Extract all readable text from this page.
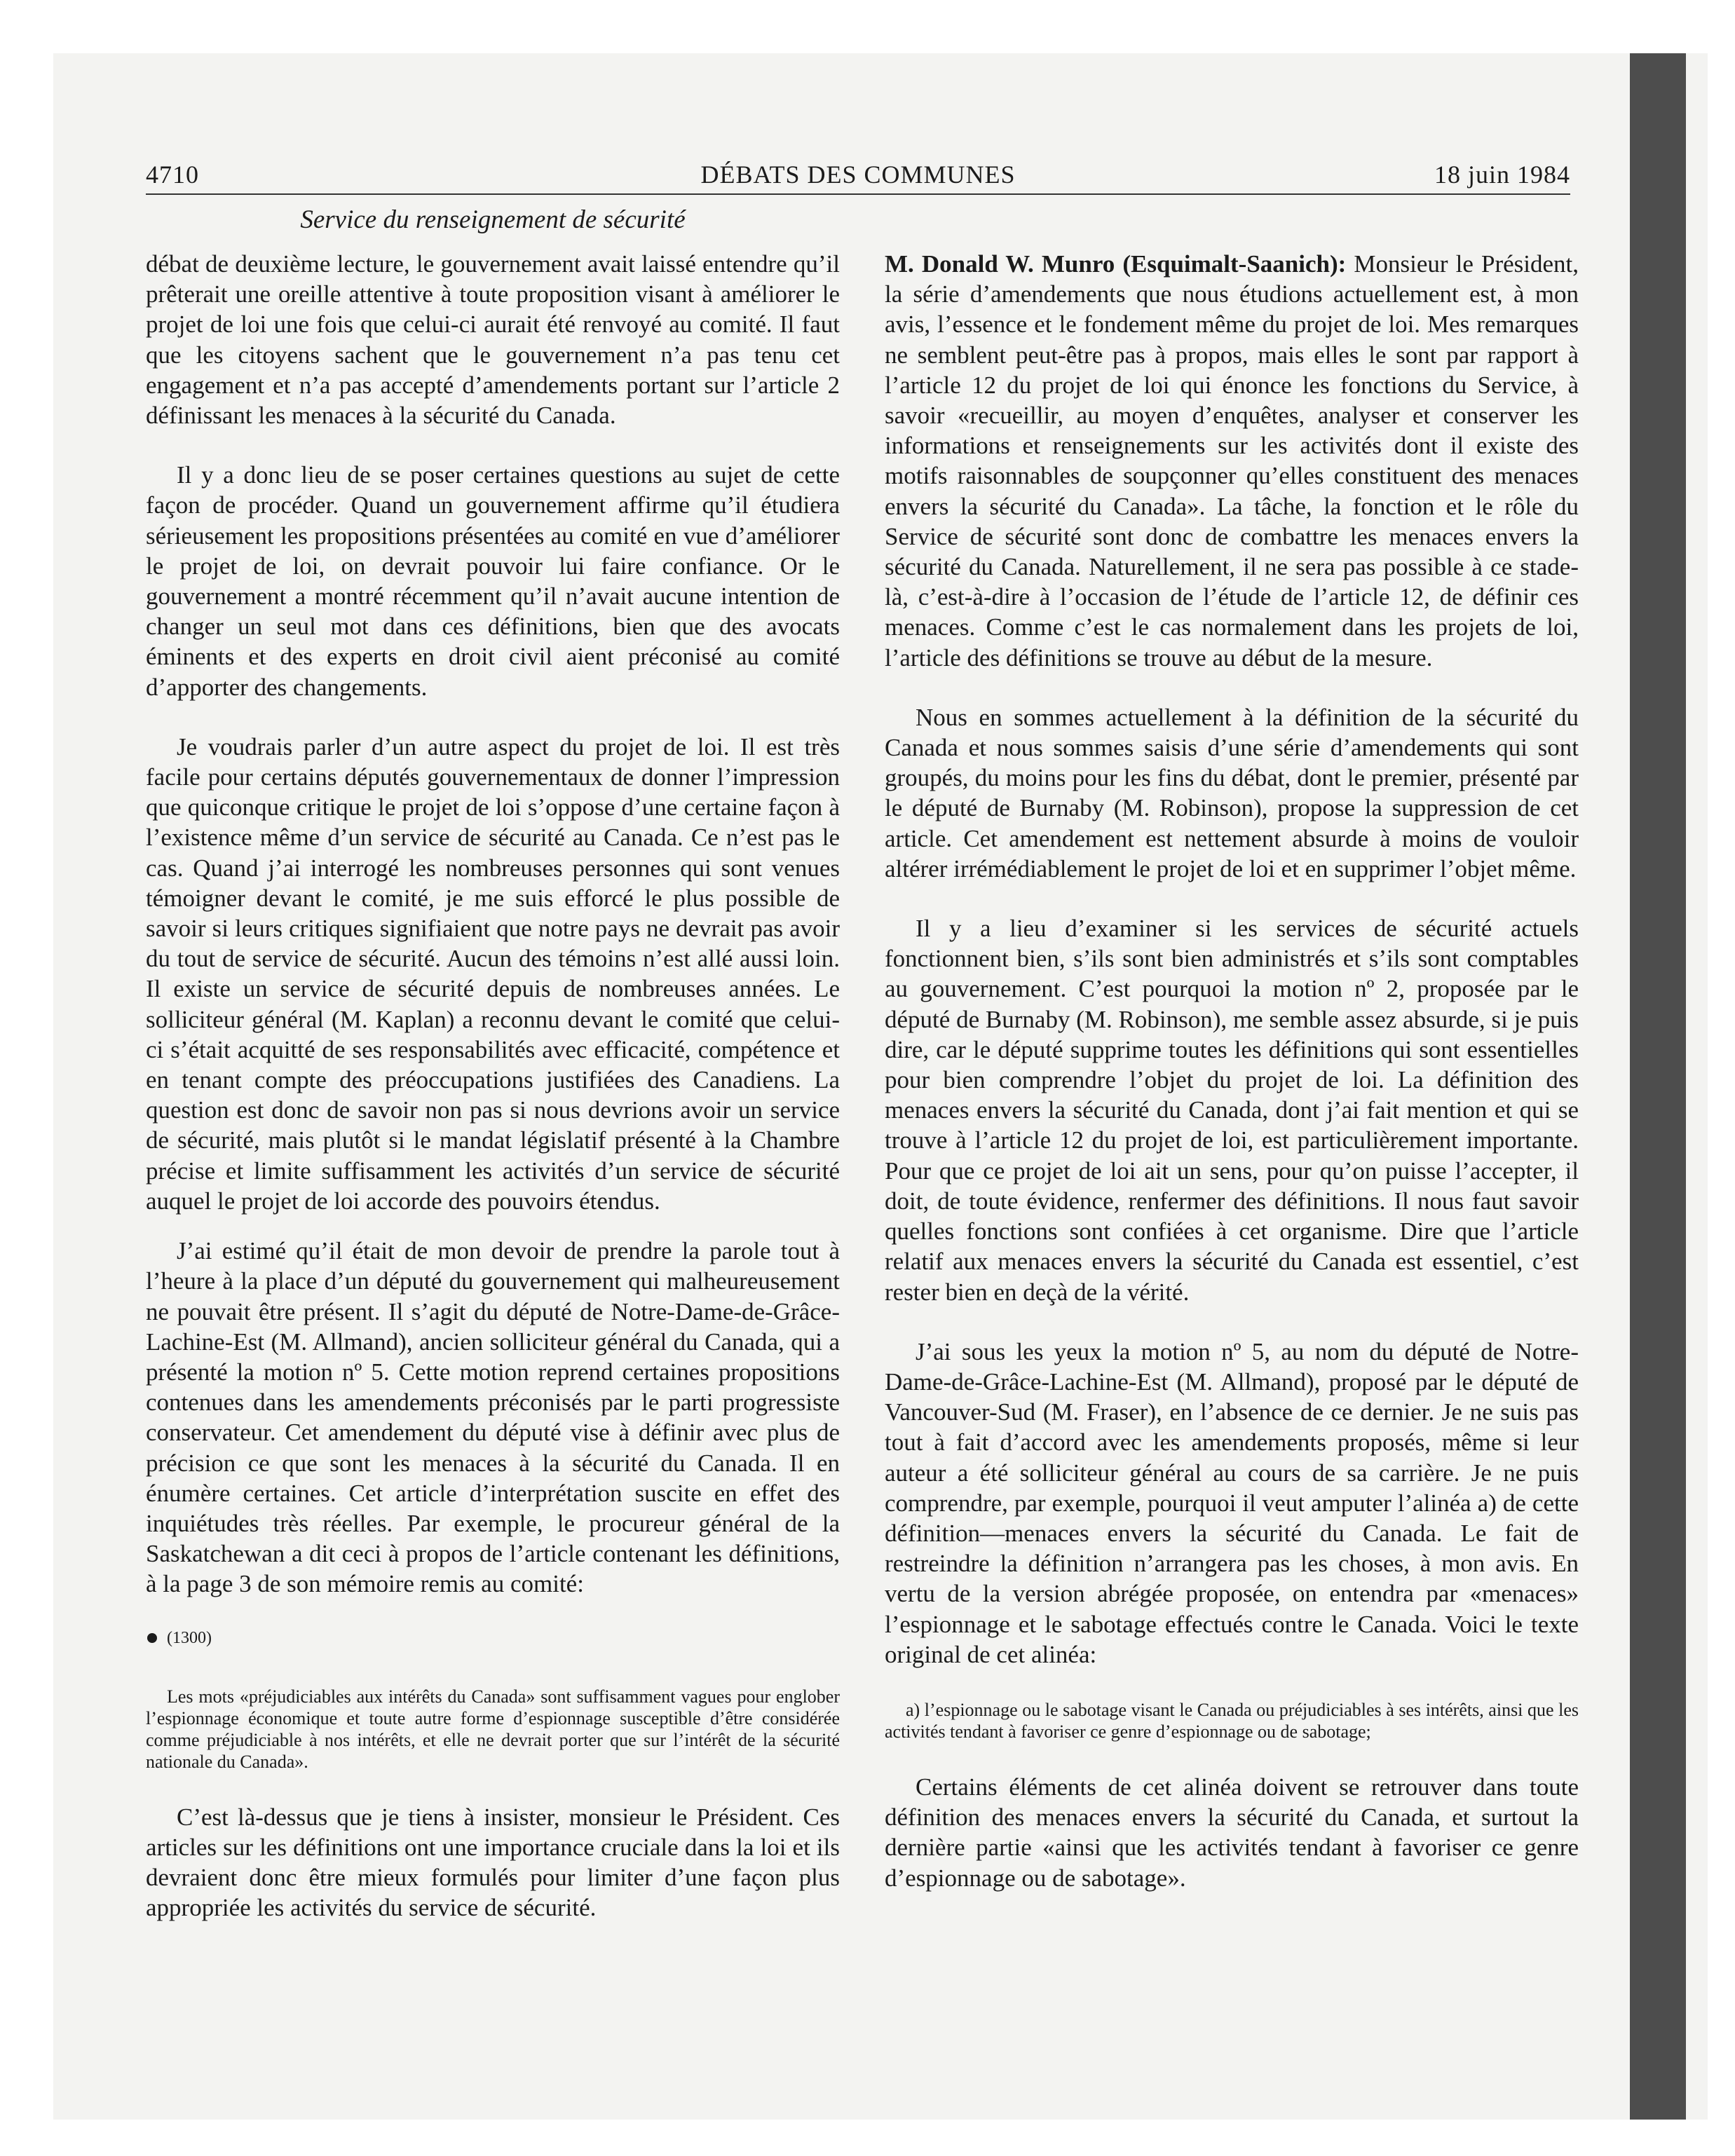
4710	DÉBATS DES COMMUNES	18 juin 1984
Service du renseignement de sécurité

débat de deuxième lecture, le gouvernement avait laissé entendre qu’il prêterait une oreille attentive à toute proposition visant à améliorer le projet de loi une fois que celui-ci aurait été renvoyé au comité. Il faut que les citoyens sachent que le gouvernement n’a pas tenu cet engagement et n’a pas accepté d’amendements portant sur l’article 2 définissant les menaces à la sécurité du Canada.

Il y a donc lieu de se poser certaines questions au sujet de cette façon de procéder. Quand un gouvernement affirme qu’il étudiera sérieusement les propositions présentées au comité en vue d’améliorer le projet de loi, on devrait pouvoir lui faire confiance. Or le gouvernement a montré récemment qu’il n’avait aucune intention de changer un seul mot dans ces définitions, bien que des avocats éminents et des experts en droit civil aient préconisé au comité d’apporter des changements.

Je voudrais parler d’un autre aspect du projet de loi. Il est très facile pour certains députés gouvernementaux de donner l’impression que quiconque critique le projet de loi s’oppose d’une certaine façon à l’existence même d’un service de sécurité au Canada. Ce n’est pas le cas. Quand j’ai interrogé les nombreuses personnes qui sont venues témoigner devant le comité, je me suis efforcé le plus possible de savoir si leurs critiques signifiaient que notre pays ne devrait pas avoir du tout de service de sécurité. Aucun des témoins n’est allé aussi loin. Il existe un service de sécurité depuis de nombreuses années. Le solliciteur général (M. Kaplan) a reconnu devant le comité que celui-ci s’était acquitté de ses responsabilités avec efficacité, compétence et en tenant compte des préoccupations justifiées des Canadiens. La question est donc de savoir non pas si nous devrions avoir un service de sécurité, mais plutôt si le mandat législatif présenté à la Chambre précise et limite suffisamment les activités d’un service de sécurité auquel le projet de loi accorde des pouvoirs étendus.

J’ai estimé qu’il était de mon devoir de prendre la parole tout à l’heure à la place d’un député du gouvernement qui malheureusement ne pouvait être présent. Il s’agit du député de Notre-Dame-de-Grâce-Lachine-Est (M. Allmand), ancien solliciteur général du Canada, qui a présenté la motion nº 5. Cette motion reprend certaines propositions contenues dans les amendements préconisés par le parti progressiste conservateur. Cet amendement du député vise à définir avec plus de précision ce que sont les menaces à la sécurité du Canada. Il en énumère certaines. Cet article d’interprétation suscite en effet des inquiétudes très réelles. Par exemple, le procureur général de la Saskatchewan a dit ceci à propos de l’article contenant les définitions, à la page 3 de son mémoire remis au comité:

(1300)

Les mots «préjudiciables aux intérêts du Canada» sont suffisamment vagues pour englober l’espionnage économique et toute autre forme d’espionnage susceptible d’être considérée comme préjudiciable à nos intérêts, et elle ne devrait porter que sur l’intérêt de la sécurité nationale du Canada».

C’est là-dessus que je tiens à insister, monsieur le Président. Ces articles sur les définitions ont une importance cruciale dans la loi et ils devraient donc être mieux formulés pour limiter d’une façon plus appropriée les activités du service de sécurité.

M. Donald W. Munro (Esquimalt-Saanich): Monsieur le Président, la série d’amendements que nous étudions actuellement est, à mon avis, l’essence et le fondement même du projet de loi. Mes remarques ne semblent peut-être pas à propos, mais elles le sont par rapport à l’article 12 du projet de loi qui énonce les fonctions du Service, à savoir «recueillir, au moyen d’enquêtes, analyser et conserver les informations et renseignements sur les activités dont il existe des motifs raisonnables de soupçonner qu’elles constituent des menaces envers la sécurité du Canada». La tâche, la fonction et le rôle du Service de sécurité sont donc de combattre les menaces envers la sécurité du Canada. Naturellement, il ne sera pas possible à ce stade-là, c’est-à-dire à l’occasion de l’étude de l’article 12, de définir ces menaces. Comme c’est le cas normalement dans les projets de loi, l’article des définitions se trouve au début de la mesure.

Nous en sommes actuellement à la définition de la sécurité du Canada et nous sommes saisis d’une série d’amendements qui sont groupés, du moins pour les fins du débat, dont le premier, présenté par le député de Burnaby (M. Robinson), propose la suppression de cet article. Cet amendement est nettement absurde à moins de vouloir altérer irrémédiablement le projet de loi et en supprimer l’objet même.

Il y a lieu d’examiner si les services de sécurité actuels fonctionnent bien, s’ils sont bien administrés et s’ils sont comptables au gouvernement. C’est pourquoi la motion nº 2, proposée par le député de Burnaby (M. Robinson), me semble assez absurde, si je puis dire, car le député supprime toutes les définitions qui sont essentielles pour bien comprendre l’objet du projet de loi. La définition des menaces envers la sécurité du Canada, dont j’ai fait mention et qui se trouve à l’article 12 du projet de loi, est particulièrement importante. Pour que ce projet de loi ait un sens, pour qu’on puisse l’accepter, il doit, de toute évidence, renfermer des définitions. Il nous faut savoir quelles fonctions sont confiées à cet organisme. Dire que l’article relatif aux menaces envers la sécurité du Canada est essentiel, c’est rester bien en deçà de la vérité.

J’ai sous les yeux la motion nº 5, au nom du député de Notre-Dame-de-Grâce-Lachine-Est (M. Allmand), proposé par le député de Vancouver-Sud (M. Fraser), en l’absence de ce dernier. Je ne suis pas tout à fait d’accord avec les amendements proposés, même si leur auteur a été solliciteur général au cours de sa carrière. Je ne puis comprendre, par exemple, pourquoi il veut amputer l’alinéa a) de cette définition—menaces envers la sécurité du Canada. Le fait de restreindre la définition n’arrangera pas les choses, à mon avis. En vertu de la version abrégée proposée, on entendra par «menaces» l’espionnage et le sabotage effectués contre le Canada. Voici le texte original de cet alinéa:

a) l’espionnage ou le sabotage visant le Canada ou préjudiciables à ses intérêts, ainsi que les activités tendant à favoriser ce genre d’espionnage ou de sabotage;

Certains éléments de cet alinéa doivent se retrouver dans toute définition des menaces envers la sécurité du Canada, et surtout la dernière partie «ainsi que les activités tendant à favoriser ce genre d’espionnage ou de sabotage».
